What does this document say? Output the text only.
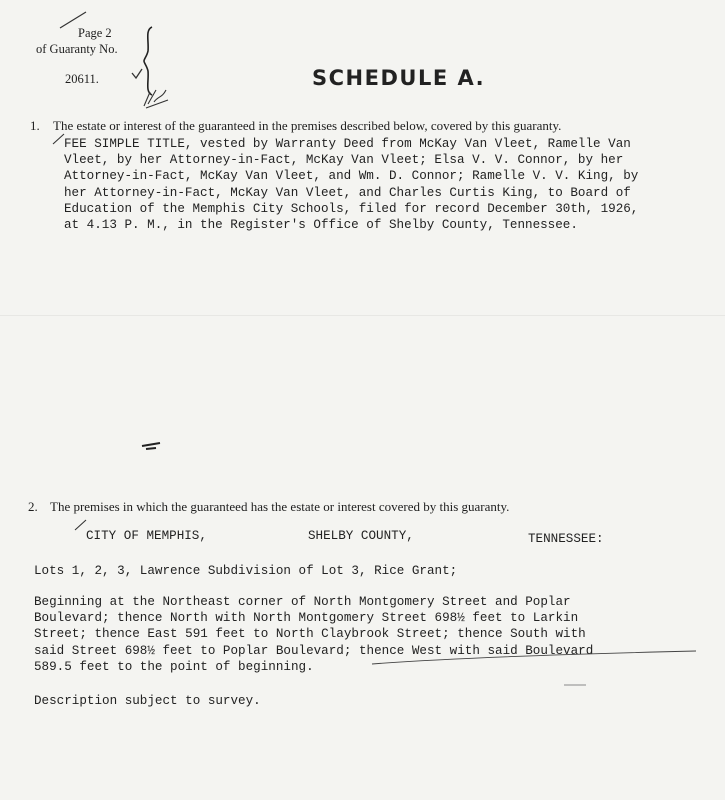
Page 2
of Guaranty No.
20611.	SCHEDULE A.
1. The estate or interest of the guaranteed in the premises described below, covered by this guaranty.
FEE SIMPLE TITLE, vested by Warranty Deed from McKay Van Vleet, Ramelle Van
Vleet, by her Attorney-in-Fact, McKay Van Vleet; Elsa V. V. Connor, by her
Attorney-in-Fact, McKay Van Vleet, and Wm. D. Connor; Ramelle V. V. King, by
her Attorney-in-Fact, McKay Van Vleet, and Charles Curtis King, to Board of
Education of the Memphis City Schools, filed for record December 30th, 1926,
at 4.13 P. M., in the Register's Office of Shelby County, Tennessee.
2. The premises in which the guaranteed has the estate or interest covered by this guaranty.
CITY OF MEMPHIS,	SHELBY COUNTY,	TENNESSEE:
Lots 1, 2, 3, Lawrence Subdivision of Lot 3, Rice Grant;
Beginning at the Northeast corner of North Montgomery Street and Poplar
Boulevard; thence North with North Montgomery Street 698½ feet to Larkin
Street; thence East 591 feet to North Claybrook Street; thence South with
said Street 698½ feet to Poplar Boulevard; thence West with said Boulevard
589.5 feet to the point of beginning.
Description subject to survey.
